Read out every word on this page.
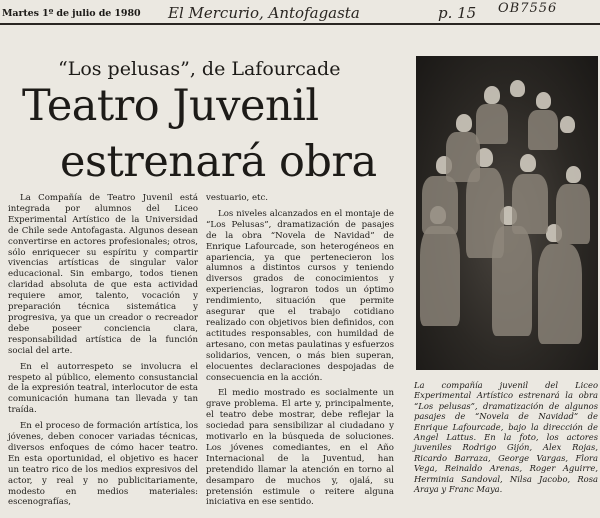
Martes 1º de julio de 1980 El Mercurio, Antofagasta	p. 15 OB7556
“Los pelusas”, de Lafourcade
Teatro Juvenil
estrenará obra

La Compañía de Teatro Juvenil está integrada por alumnos del Liceo Experimental Artístico de la Universidad de Chile sede Antofagasta. Algunos desean convertirse en actores profesionales; otros, sólo enriquecer su espíritu y compartir vivencias artísticas de singular valor educacional. Sin embargo, todos tienen claridad absoluta de que esta actividad requiere amor, talento, vocación y preparación técnica sistemática y progresiva, ya que un creador o recreador debe poseer conciencia clara, responsabilidad artística de la función social del arte.

En el autorrespeto se involucra el respeto al público, elemento consustancial de la expresión teatral, interlocutor de esta comunicación humana tan llevada y tan traída.

En el proceso de formación artística, los jóvenes, deben conocer variadas técnicas, diversos enfoques de cómo hacer teatro. En esta oportunidad, el objetivo es hacer un teatro rico de los medios expresivos del actor, y real y no publicitariamente, modesto en medios materiales: escenografías,

vestuario, etc.

Los niveles alcanzados en el montaje de “Los Pelusas”, dramatización de pasajes de la obra “Novela de Navidad” de Enrique Lafourcade, son heterogéneos en apariencia, ya que pertenecieron los alumnos a distintos cursos y teniendo diversos grados de conocimientos y experiencias, lograron todos un óptimo rendimiento, situación que permite asegurar que el trabajo cotidiano realizado con objetivos bien definidos, con actitudes responsables, con humildad de artesano, con metas paulatinas y esfuerzos solidarios, vencen, o más bien superan, elocuentes declaraciones despojadas de consecuencia en la acción.

El medio mostrado es socialmente un grave problema. El arte y, principalmente, el teatro debe mostrar, debe reflejar la sociedad para sensibilizar al ciudadano y motivarlo en la búsqueda de soluciones. Los jóvenes comediantes, en el Año Internacional de la Juventud, han pretendido llamar la atención en torno al desamparo de muchos y, ojalá, su pretensión estimule o reitere alguna iniciativa en ese sentido.

La compañía juvenil del Liceo Experimental Artístico estrenará la obra “Los pelusas”, dramatización de algunos pasajes de “Novela de Navidad” de Enrique Lafourcade, bajo la dirección de Angel Lattus. En la foto, los actores juveniles Rodrigo Gijón, Alex Rojas, Ricardo Barraza, George Vargas, Flora Vega, Reinaldo Arenas, Roger Aguirre, Herminia Sandoval, Nilsa Jacobo, Rosa Araya y Franc Maya.
